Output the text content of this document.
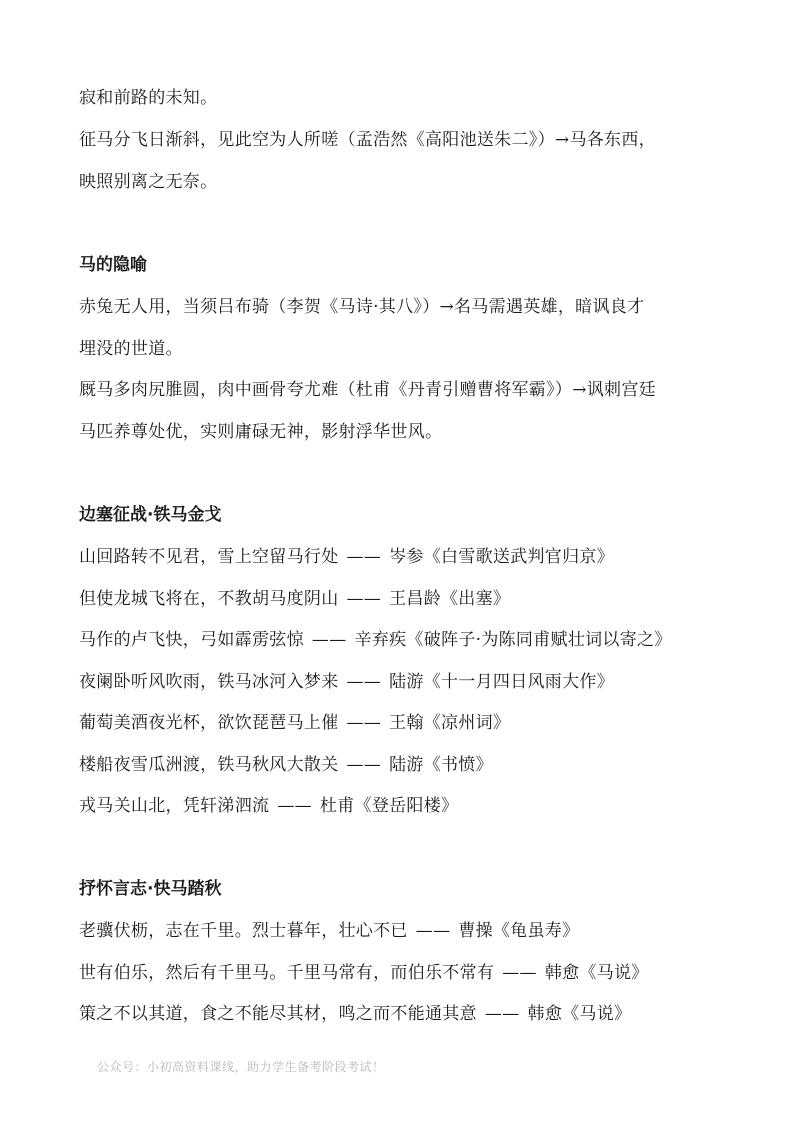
寂和前路的未知。
征马分飞日渐斜，见此空为人所嗟（孟浩然《高阳池送朱二》）→马各东西，
映照别离之无奈。
马的隐喻
赤兔无人用，当须吕布骑（李贺《马诗·其八》）→名马需遇英雄，暗讽良才
埋没的世道。
厩马多肉尻脽圆，肉中画骨夸尤难（杜甫《丹青引赠曹将军霸》）→讽刺宫廷
马匹养尊处优，实则庸碌无神，影射浮华世风。
边塞征战·铁马金戈
山回路转不见君，雪上空留马行处 —— 岑参《白雪歌送武判官归京》
但使龙城飞将在，不教胡马度阴山 —— 王昌龄《出塞》
马作的卢飞快，弓如霹雳弦惊 —— 辛弃疾《破阵子·为陈同甫赋壮词以寄之》
夜阑卧听风吹雨，铁马冰河入梦来 —— 陆游《十一月四日风雨大作》
葡萄美酒夜光杯，欲饮琵琶马上催 —— 王翰《凉州词》
楼船夜雪瓜洲渡，铁马秋风大散关 —— 陆游《书愤》
戎马关山北，凭轩涕泗流 —— 杜甫《登岳阳楼》
抒怀言志·快马踏秋
老骥伏枥，志在千里。烈士暮年，壮心不已 —— 曹操《龟虽寿》
世有伯乐，然后有千里马。千里马常有，而伯乐不常有 —— 韩愈《马说》
策之不以其道，食之不能尽其材，鸣之而不能通其意 —— 韩愈《马说》
公众号：小初高资料课线，助力学生备考阶段考试！
